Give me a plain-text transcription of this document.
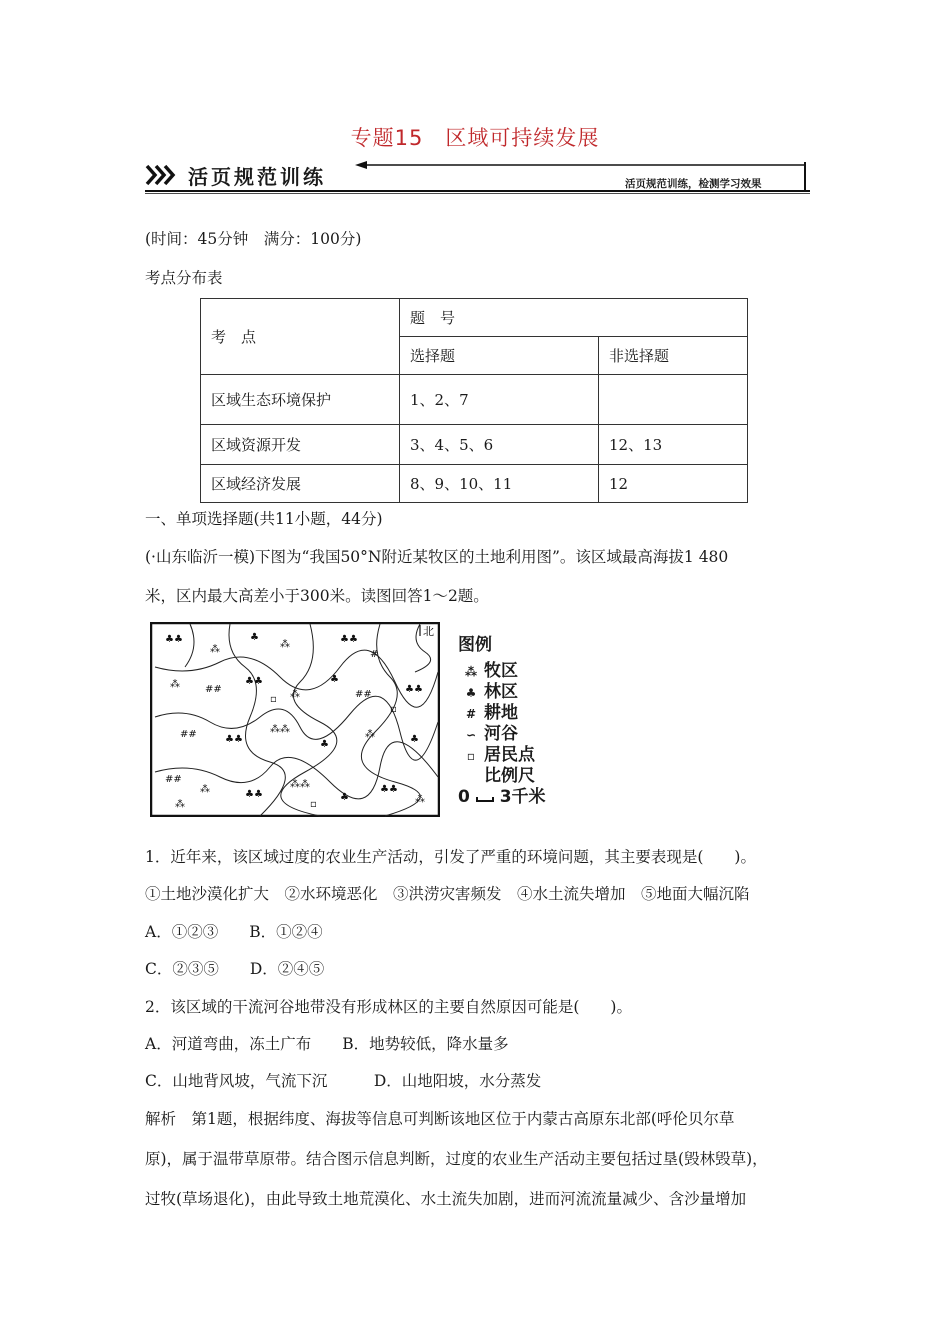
专题15　区域可持续发展
活页规范训练	活页规范训练，检测学习效果
(时间：45分钟　满分：100分)
考点分布表
考　点	题　号	
	选择题	非选择题
区域生态环境保护	1、2、7	
区域资源开发	3、4、5、6	12、13
区域经济发展	8、9、10、11	12
一、单项选择题(共11小题，44分)
(·山东临沂一模)下图为“我国50°N附近某牧区的土地利用图”。该区域最高海拔1 480
米，区内最大高差小于300米。读图回答1～2题。
北
♣♣
⁂
♣
⁂	♣♣
#
⁂	##
♣♣
⁂
♣
##	♣♣
##	♣♣
⁂⁂
♣
⁂	♣
##
⁂	♣♣
⁂⁂
♣
♣♣
⁂
⁂	▫
▫
▫
图例
⁂ 牧区
♣ 林区
# 耕地
∽ 河谷
▫ 居民点
比例尺
0 3千米
1．近年来，该区域过度的农业生产活动，引发了严重的环境问题，其主要表现是(　　)。
①土地沙漠化扩大　②水环境恶化　③洪涝灾害频发　④水土流失增加　⑤地面大幅沉陷
A．①②③　　B．①②④
C．②③⑤　　D．②④⑤
2．该区域的干流河谷地带没有形成林区的主要自然原因可能是(　　)。
A．河道弯曲，冻土广布　　B．地势较低，降水量多
C．山地背风坡，气流下沉　　　D．山地阳坡，水分蒸发
解析　第1题，根据纬度、海拔等信息可判断该地区位于内蒙古高原东北部(呼伦贝尔草
原)，属于温带草原带。结合图示信息判断，过度的农业生产活动主要包括过垦(毁林毁草)，
过牧(草场退化)，由此导致土地荒漠化、水土流失加剧，进而河流流量减少、含沙量增加
